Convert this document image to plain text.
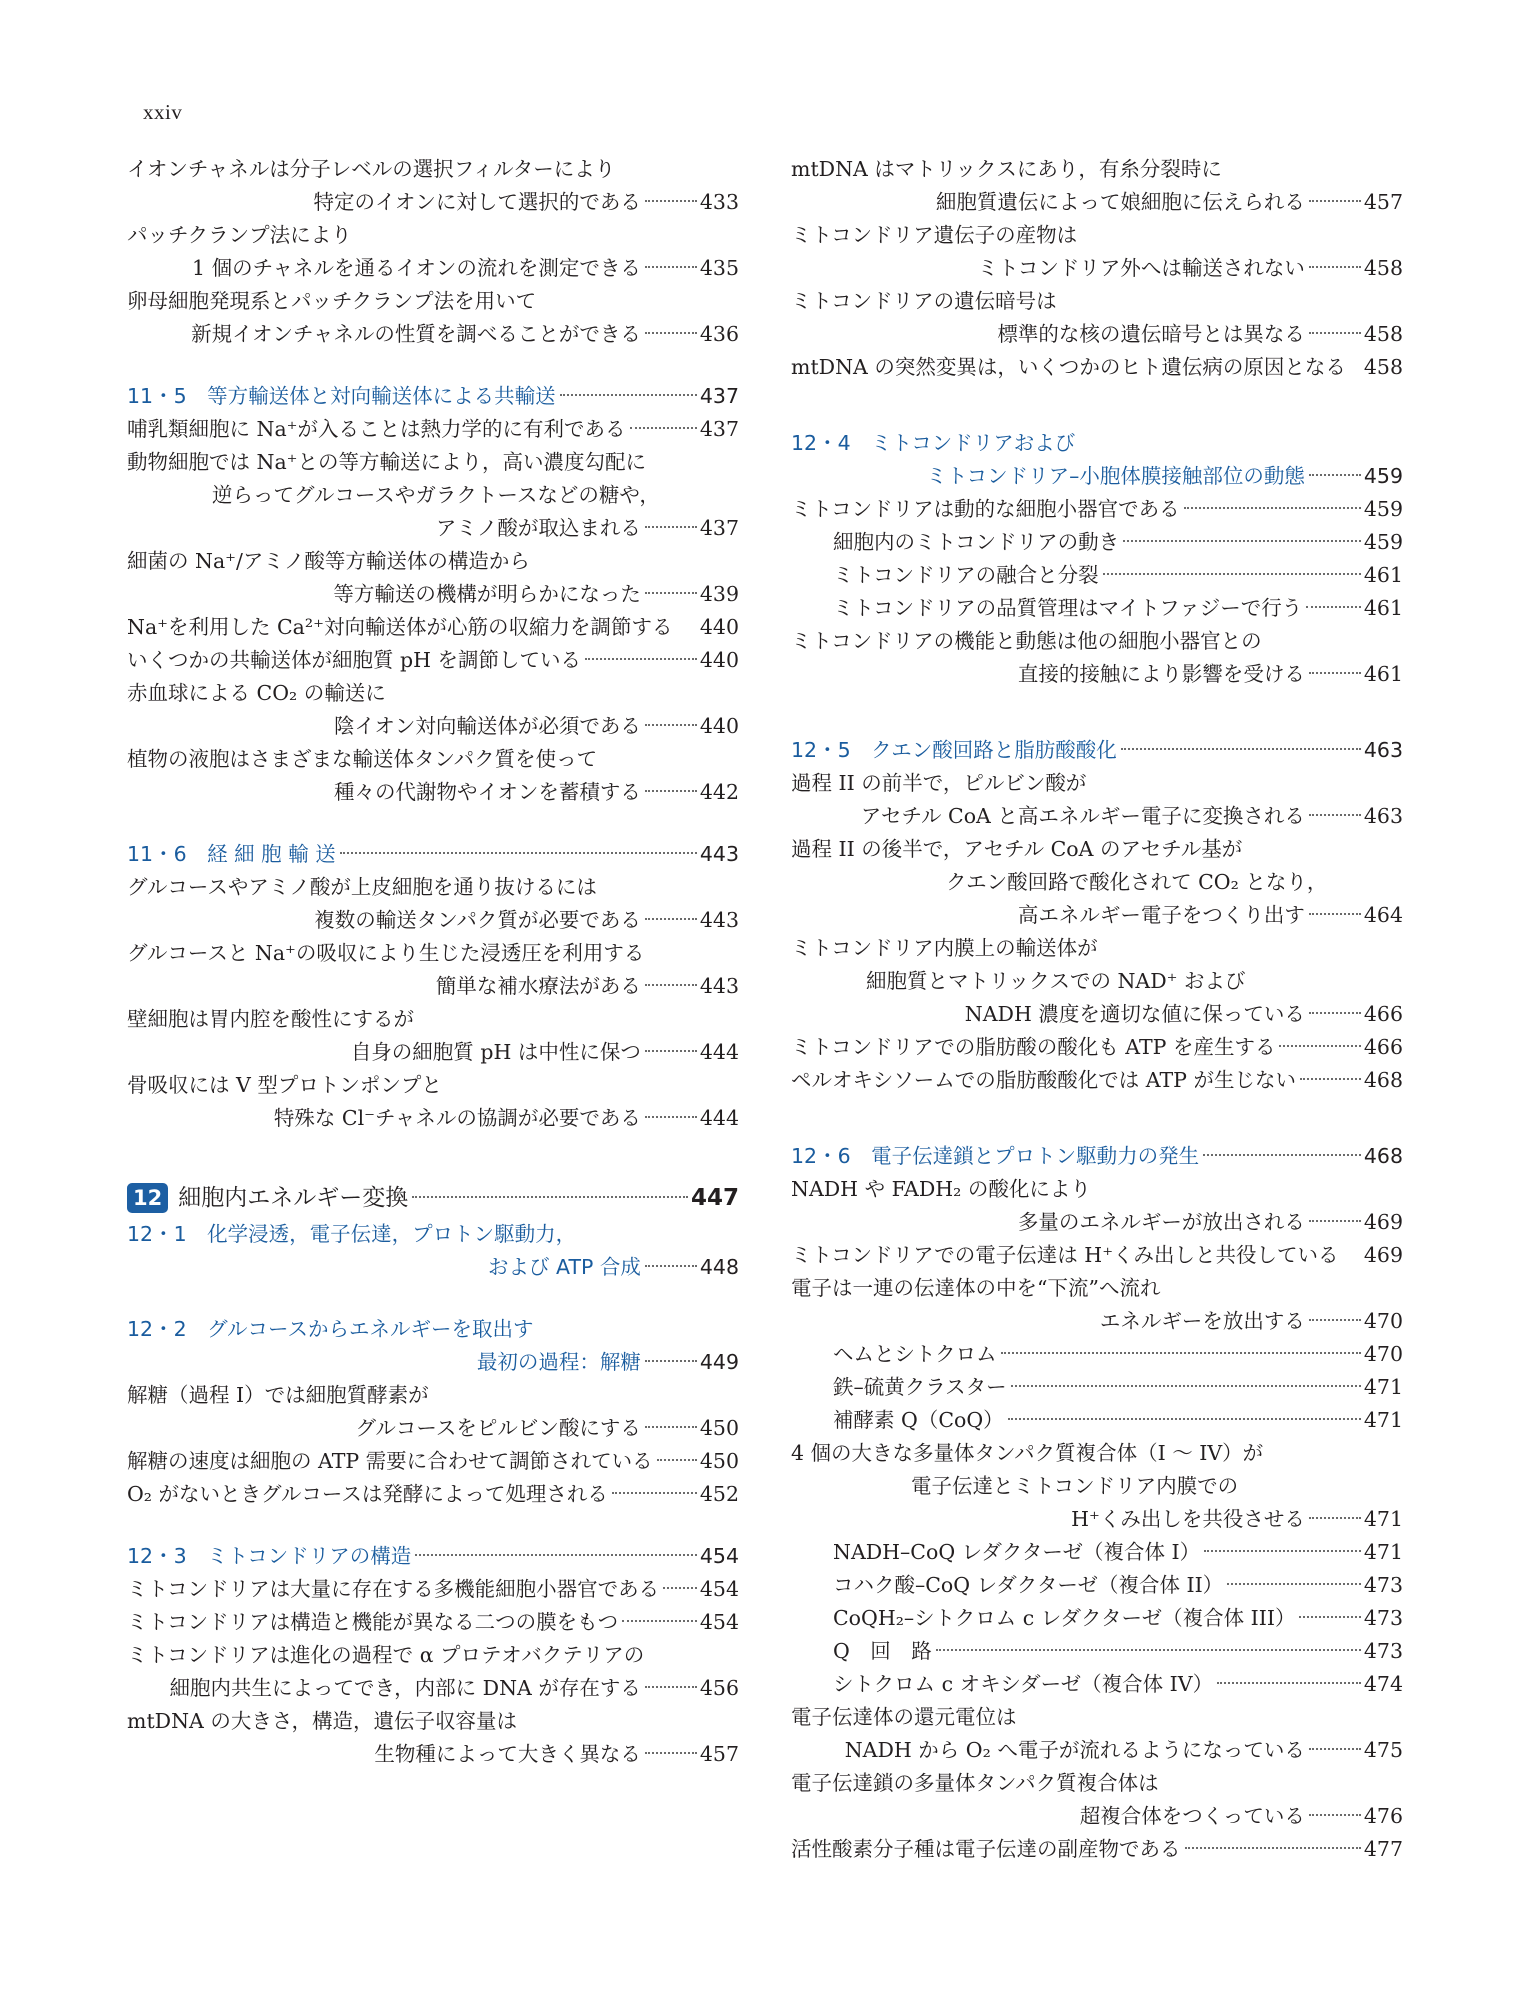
xxiv
イオンチャネルは分子レベルの選択フィルターにより
特定のイオンに対して選択的である	433
パッチクランプ法により
1 個のチャネルを通るイオンの流れを測定できる	435
卵母細胞発現系とパッチクランプ法を用いて
新規イオンチャネルの性質を調べることができる	436
11・5　等方輸送体と対向輸送体による共輸送	437
哺乳類細胞に Na⁺が入ることは熱力学的に有利である	437
動物細胞では Na⁺との等方輸送により，高い濃度勾配に
逆らってグルコースやガラクトースなどの糖や，
アミノ酸が取込まれる	437
細菌の Na⁺/アミノ酸等方輸送体の構造から
等方輸送の機構が明らかになった	439
Na⁺を利用した Ca²⁺対向輸送体が心筋の収縮力を調節する 440
いくつかの共輸送体が細胞質 pH を調節している	440
赤血球による CO₂ の輸送に
陰イオン対向輸送体が必須である	440
植物の液胞はさまざまな輸送体タンパク質を使って
種々の代謝物やイオンを蓄積する	442
11・6　経 細 胞 輸 送	443
グルコースやアミノ酸が上皮細胞を通り抜けるには
複数の輸送タンパク質が必要である	443
グルコースと Na⁺の吸収により生じた浸透圧を利用する
簡単な補水療法がある	443
壁細胞は胃内腔を酸性にするが
自身の細胞質 pH は中性に保つ	444
骨吸収には V 型プロトンポンプと
特殊な Cl⁻チャネルの協調が必要である	444
12 細胞内エネルギー変換	447
12・1　化学浸透，電子伝達，プロトン駆動力，
および ATP 合成	448
12・2　グルコースからエネルギーを取出す
最初の過程：解糖	449
解糖（過程 I）では細胞質酵素が
グルコースをピルビン酸にする	450
解糖の速度は細胞の ATP 需要に合わせて調節されている 450
O₂ がないときグルコースは発酵によって処理される	452
12・3　ミトコンドリアの構造	454
ミトコンドリアは大量に存在する多機能細胞小器官である 454
ミトコンドリアは構造と機能が異なる二つの膜をもつ	454
ミトコンドリアは進化の過程で α プロテオバクテリアの
細胞内共生によってでき，内部に DNA が存在する	456
mtDNA の大きさ，構造，遺伝子収容量は
生物種によって大きく異なる	457
mtDNA はマトリックスにあり，有糸分裂時に
細胞質遺伝によって娘細胞に伝えられる	457
ミトコンドリア遺伝子の産物は
ミトコンドリア外へは輸送されない	458
ミトコンドリアの遺伝暗号は
標準的な核の遺伝暗号とは異なる	458
mtDNA の突然変異は，いくつかのヒト遺伝病の原因となる 458
12・4　ミトコンドリアおよび
ミトコンドリア–小胞体膜接触部位の動態	459
ミトコンドリアは動的な細胞小器官である	459
細胞内のミトコンドリアの動き	459
ミトコンドリアの融合と分裂	461
ミトコンドリアの品質管理はマイトファジーで行う	461
ミトコンドリアの機能と動態は他の細胞小器官との
直接的接触により影響を受ける	461
12・5　クエン酸回路と脂肪酸酸化	463
過程 II の前半で，ピルビン酸が
アセチル CoA と高エネルギー電子に変換される	463
過程 II の後半で，アセチル CoA のアセチル基が
クエン酸回路で酸化されて CO₂ となり，
高エネルギー電子をつくり出す	464
ミトコンドリア内膜上の輸送体が
細胞質とマトリックスでの NAD⁺ および
NADH 濃度を適切な値に保っている	466
ミトコンドリアでの脂肪酸の酸化も ATP を産生する	466
ペルオキシソームでの脂肪酸酸化では ATP が生じない	468
12・6　電子伝達鎖とプロトン駆動力の発生	468
NADH や FADH₂ の酸化により
多量のエネルギーが放出される	469
ミトコンドリアでの電子伝達は H⁺くみ出しと共役している 469
電子は一連の伝達体の中を“下流”へ流れ
エネルギーを放出する	470
ヘムとシトクロム	470
鉄–硫黄クラスター	471
補酵素 Q（CoQ）	471
4 個の大きな多量体タンパク質複合体（I ～ IV）が
電子伝達とミトコンドリア内膜での
H⁺くみ出しを共役させる	471
NADH–CoQ レダクターゼ（複合体 I）	471
コハク酸–CoQ レダクターゼ（複合体 II）	473
CoQH₂–シトクロム c レダクターゼ（複合体 III）	473
Q　回　路	473
シトクロム c オキシダーゼ（複合体 IV）	474
電子伝達体の還元電位は
NADH から O₂ へ電子が流れるようになっている	475
電子伝達鎖の多量体タンパク質複合体は
超複合体をつくっている	476
活性酸素分子種は電子伝達の副産物である	477
